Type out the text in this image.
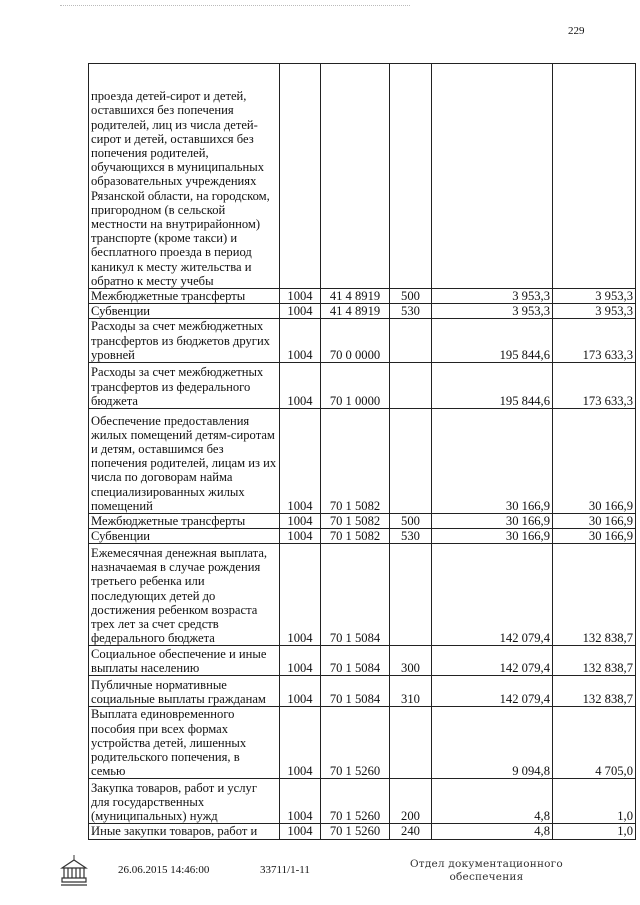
229
проезда детей-сирот и детей, оставшихся без попечения родителей, лиц из числа детей-сирот и детей, оставшихся без попечения родителей, обучающихся в муниципальных образовательных учреждениях Рязанской области, на городском, пригородном (в сельской местности на внутрирайонном) транспорте (кроме такси) и бесплатного проезда в период каникул к месту жительства и обратно к месту учебы					
Межбюджетные трансферты	1004	41 4 8919	500	3 953,3	3 953,3
Субвенции	1004	41 4 8919	530	3 953,3	3 953,3
Расходы за счет межбюджетных трансфертов из бюджетов других уровней	1004	70 0 0000		195 844,6	173 633,3
Расходы за счет межбюджетных трансфертов из федерального бюджета	1004	70 1 0000		195 844,6	173 633,3
Обеспечение предоставления жилых помещений детям-сиротам и детям, оставшимся без попечения родителей, лицам из их числа по договорам найма специализированных жилых помещений	1004	70 1 5082		30 166,9	30 166,9
Межбюджетные трансферты	1004	70 1 5082	500	30 166,9	30 166,9
Субвенции	1004	70 1 5082	530	30 166,9	30 166,9
Ежемесячная денежная выплата, назначаемая в случае рождения третьего ребенка или последующих детей до достижения ребенком возраста трех лет за счет средств федерального бюджета	1004	70 1 5084		142 079,4	132 838,7
Социальное обеспечение и иные выплаты населению	1004	70 1 5084	300	142 079,4	132 838,7
Публичные нормативные социальные выплаты гражданам	1004	70 1 5084	310	142 079,4	132 838,7
Выплата единовременного пособия при всех формах устройства детей, лишенных родительского попечения, в семью	1004	70 1 5260		9 094,8	4 705,0
Закупка товаров, работ и услуг для государственных (муниципальных) нужд	1004	70 1 5260	200	4,8	1,0
Иные закупки товаров, работ и	1004	70 1 5260	240	4,8	1,0
26.06.2015 14:46:00	33711/1-11	Отдел документационного
обеспечения
